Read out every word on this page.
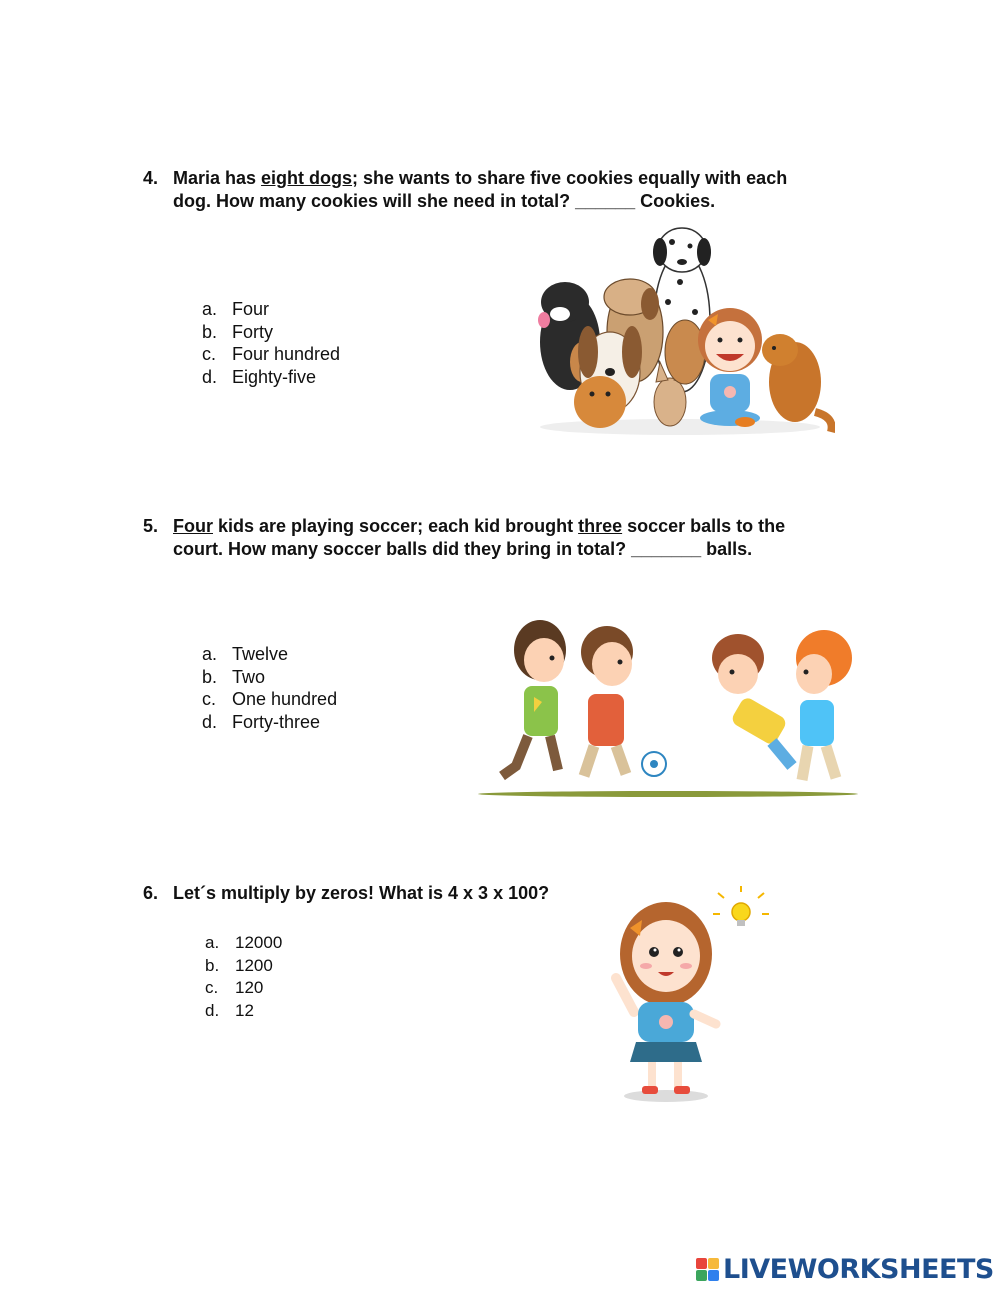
4. Maria has eight dogs; she wants to share five cookies equally with each
dog. How many cookies will she need in total? ______ Cookies.
a. Four
b. Forty
c. Four hundred
d. Eighty-five
5. Four kids are playing soccer; each kid brought three soccer balls to the
court. How many soccer balls did they bring in total? _______ balls.
a. Twelve
b. Two
c. One hundred
d. Forty-three
6. Let´s multiply by zeros! What is 4 x 3 x 100?
a. 12000
b. 1200
c. 120
d. 12
LIVEWORKSHEETS
